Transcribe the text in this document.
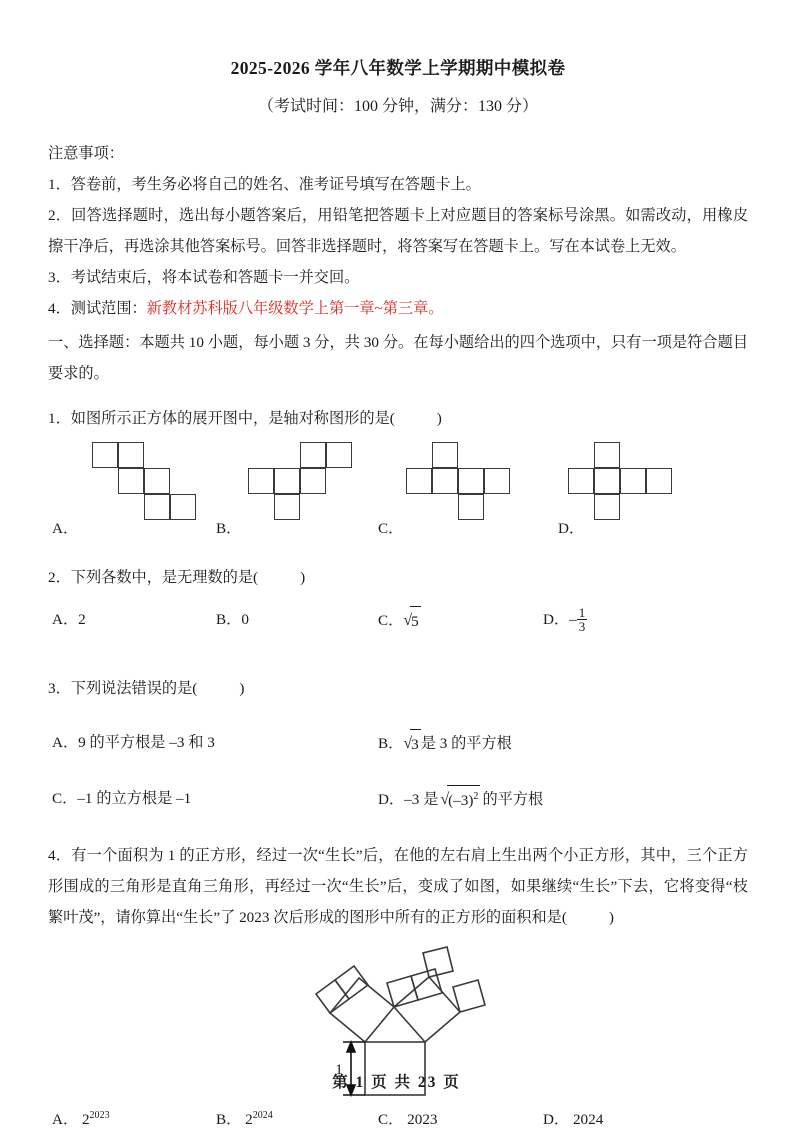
2025-2026 学年八年数学上学期期中模拟卷
（考试时间：100 分钟，满分：130 分）

注意事项：

1．答卷前，考生务必将自己的姓名、准考证号填写在答题卡上。

2．回答选择题时，选出每小题答案后，用铅笔把答题卡上对应题目的答案标号涂黑。如需改动，用橡皮擦干净后，再选涂其他答案标号。回答非选择题时，将答案写在答题卡上。写在本试卷上无效。

3．考试结束后，将本试卷和答题卡一并交回。

4．测试范围：新教材苏科版八年级数学上第一章~第三章。

一、选择题：本题共 10 小题，每小题 3 分，共 30 分。在每小题给出的四个选项中，只有一项是符合题目要求的。

1．如图所示正方体的展开图中，是轴对称图形的是(	)

A．	B．	C．	D．

2．下列各数中，是无理数的是(	)

A．2	B．0	C．√5	D．– $\frac{1}{3}$

3．下列说法错误的是(	)

A．9 的平方根是 –3 和 3	B．√3 是 3 的平方根
C．–1 的立方根是 –1	D．–3 是 $√(-3)^2$ 的平方根

4．有一个面积为 1 的正方形，经过一次“生长”后，在他的左右肩上生出两个小正方形，其中，三个正方形围成的三角形是直角三角形，再经过一次“生长”后，变成了如图，如果继续“生长”下去，它将变得“枝繁叶茂”，请你算出“生长”了 2023 次后形成的图形中所有的正方形的面积和是(	)

1
A． $2^{2023}$	B． $2^{2024}$	C． 2023	D． 2024
第 1 页 共 23 页
